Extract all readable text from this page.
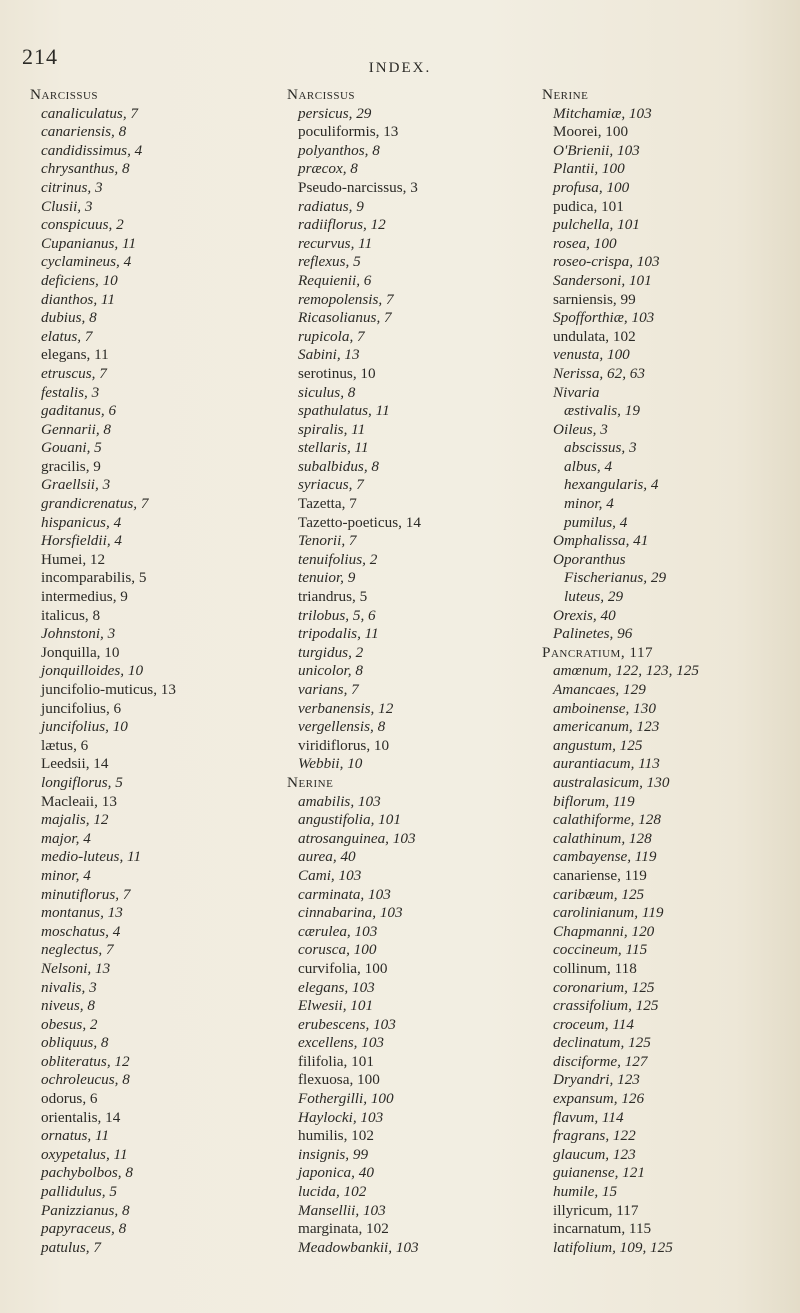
214	INDEX.
Narcissus
canaliculatus, 7
canariensis, 8
candidissimus, 4
chrysanthus, 8
citrinus, 3
Clusii, 3
conspicuus, 2
Cupanianus, 11
cyclamineus, 4
deficiens, 10
dianthos, 11
dubius, 8
elatus, 7
elegans, 11
etruscus, 7
festalis, 3
gaditanus, 6
Gennarii, 8
Gouani, 5
gracilis, 9
Graellsii, 3
grandicrenatus, 7
hispanicus, 4
Horsfieldii, 4
Humei, 12
incomparabilis, 5
intermedius, 9
italicus, 8
Johnstoni, 3
Jonquilla, 10
jonquilloides, 10
juncifolio-muticus, 13
juncifolius, 6
juncifolius, 10
lætus, 6
Leedsii, 14
longiflorus, 5
Macleaii, 13
majalis, 12
major, 4
medio-luteus, 11
minor, 4
minutiflorus, 7
montanus, 13
moschatus, 4
neglectus, 7
Nelsoni, 13
nivalis, 3
niveus, 8
obesus, 2
obliquus, 8
obliteratus, 12
ochroleucus, 8
odorus, 6
orientalis, 14
ornatus, 11
oxypetalus, 11
pachybolbos, 8
pallidulus, 5
Panizzianus, 8
papyraceus, 8
patulus, 7
Narcissus
persicus, 29
poculiformis, 13
polyanthos, 8
præcox, 8
Pseudo-narcissus, 3
radiatus, 9
radiiflorus, 12
recurvus, 11
reflexus, 5
Requienii, 6
remopolensis, 7
Ricasolianus, 7
rupicola, 7
Sabini, 13
serotinus, 10
siculus, 8
spathulatus, 11
spiralis, 11
stellaris, 11
subalbidus, 8
syriacus, 7
Tazetta, 7
Tazetto-poeticus, 14
Tenorii, 7
tenuifolius, 2
tenuior, 9
triandrus, 5
trilobus, 5, 6
tripodalis, 11
turgidus, 2
unicolor, 8
varians, 7
verbanensis, 12
vergellensis, 8
viridiflorus, 10
Webbii, 10
Nerine
amabilis, 103
angustifolia, 101
atrosanguinea, 103
aurea, 40
Cami, 103
carminata, 103
cinnabarina, 103
cærulea, 103
corusca, 100
curvifolia, 100
elegans, 103
Elwesii, 101
erubescens, 103
excellens, 103
filifolia, 101
flexuosa, 100
Fothergilli, 100
Haylocki, 103
humilis, 102
insignis, 99
japonica, 40
lucida, 102
Mansellii, 103
marginata, 102
Meadowbankii, 103
Nerine
Mitchamiæ, 103
Moorei, 100
O'Brienii, 103
Plantii, 100
profusa, 100
pudica, 101
pulchella, 101
rosea, 100
roseo-crispa, 103
Sandersoni, 101
sarniensis, 99
Spofforthiæ, 103
undulata, 102
venusta, 100
Nerissa, 62, 63
Nivaria
æstivalis, 19
Oileus, 3
abscissus, 3
albus, 4
hexangularis, 4
minor, 4
pumilus, 4
Omphalissa, 41
Oporanthus
Fischerianus, 29
luteus, 29
Orexis, 40
Palinetes, 96
Pancratium, 117
amœnum, 122, 123, 125
Amancaes, 129
amboinense, 130
americanum, 123
angustum, 125
aurantiacum, 113
australasicum, 130
biflorum, 119
calathiforme, 128
calathinum, 128
cambayense, 119
canariense, 119
caribæum, 125
carolinianum, 119
Chapmanni, 120
coccineum, 115
collinum, 118
coronarium, 125
crassifolium, 125
croceum, 114
declinatum, 125
disciforme, 127
Dryandri, 123
expansum, 126
flavum, 114
fragrans, 122
glaucum, 123
guianense, 121
humile, 15
illyricum, 117
incarnatum, 115
latifolium, 109, 125
